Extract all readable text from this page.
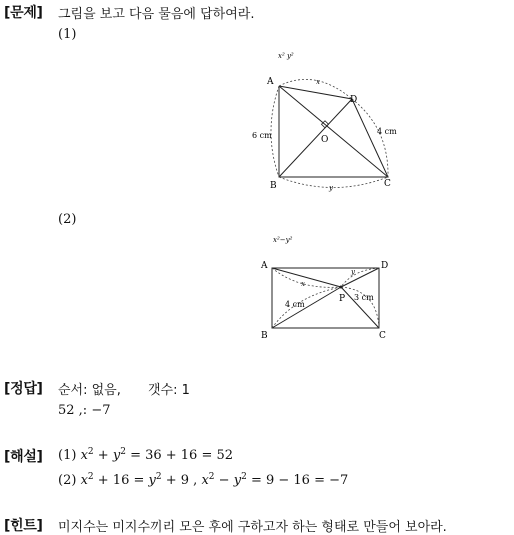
[문제] 그림을 보고 다음 물음에 답하여라.
(1)
x² y²
A
D
O
B	C
x
y
6 cm	4 cm
(2)
x²−y²
A	D
P
B	C
x
y
4 cm
3 cm
[정답] 순서: 없음, 갯수: 1
52 ,: −7
[해설] (1) $x^2 + y^2 = 36 + 16 = 52$
(2) $x^2 + 16 = y^2 + 9$ , $x^2 - y^2 = 9 - 16 = -7$
[힌트] 미지수는 미지수끼리 모은 후에 구하고자 하는 형태로 만들어 보아라.
